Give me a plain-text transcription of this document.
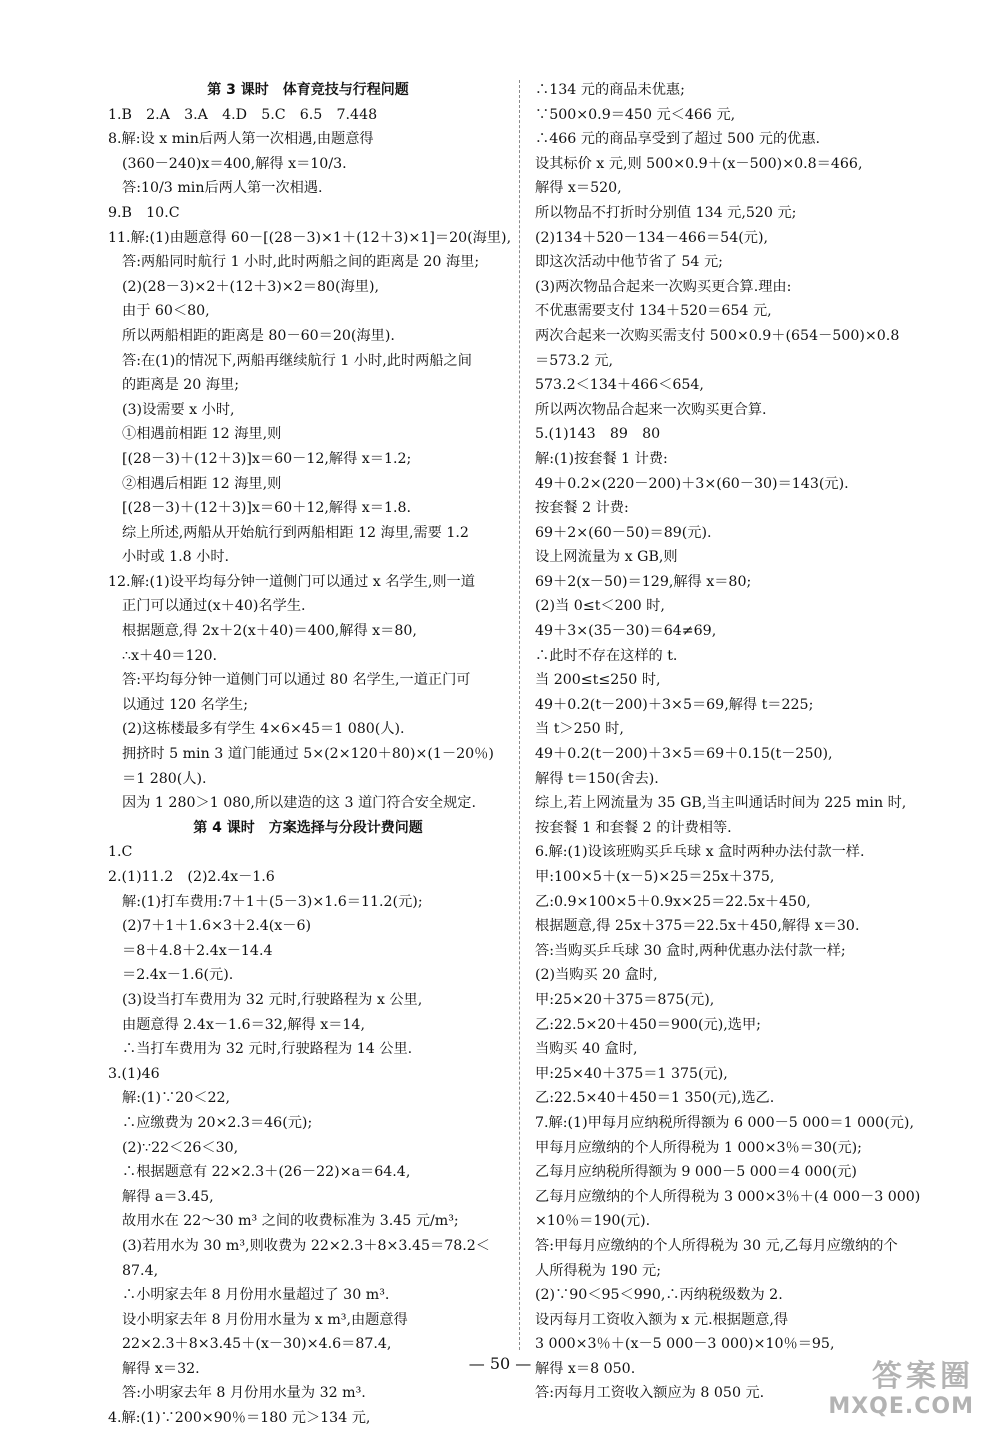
第 3 课时　体育竞技与行程问题
1.B　2.A　3.A　4.D　5.C　6.5　7.448
8.解:设 x min后两人第一次相遇,由题意得
(360－240)x＝400,解得 x＝10/3.
答:10/3 min后两人第一次相遇.
9.B　10.C
11.解:(1)由题意得 60－[(28－3)×1＋(12＋3)×1]＝20(海里),
答:两船同时航行 1 小时,此时两船之间的距离是 20 海里;
(2)(28－3)×2＋(12＋3)×2＝80(海里),
由于 60＜80,
所以两船相距的距离是 80－60＝20(海里).
答:在(1)的情况下,两船再继续航行 1 小时,此时两船之间
的距离是 20 海里;
(3)设需要 x 小时,
①相遇前相距 12 海里,则
[(28－3)＋(12＋3)]x＝60－12,解得 x＝1.2;
②相遇后相距 12 海里,则
[(28－3)＋(12＋3)]x＝60＋12,解得 x＝1.8.
综上所述,两船从开始航行到两船相距 12 海里,需要 1.2
小时或 1.8 小时.
12.解:(1)设平均每分钟一道侧门可以通过 x 名学生,则一道
正门可以通过(x＋40)名学生.
根据题意,得 2x＋2(x＋40)＝400,解得 x＝80,
∴x＋40＝120.
答:平均每分钟一道侧门可以通过 80 名学生,一道正门可
以通过 120 名学生;
(2)这栋楼最多有学生 4×6×45＝1 080(人).
拥挤时 5 min 3 道门能通过 5×(2×120＋80)×(1－20％)
＝1 280(人).
因为 1 280＞1 080,所以建造的这 3 道门符合安全规定.
第 4 课时　方案选择与分段计费问题
1.C
2.(1)11.2　(2)2.4x－1.6
解:(1)打车费用:7＋1＋(5－3)×1.6＝11.2(元);
(2)7＋1＋1.6×3＋2.4(x－6)
＝8＋4.8＋2.4x－14.4
＝2.4x－1.6(元).
(3)设当打车费用为 32 元时,行驶路程为 x 公里,
由题意得 2.4x－1.6＝32,解得 x＝14,
∴当打车费用为 32 元时,行驶路程为 14 公里.
3.(1)46
解:(1)∵20＜22,
∴应缴费为 20×2.3＝46(元);
(2)∵22＜26＜30,
∴根据题意有 22×2.3＋(26－22)×a＝64.4,
解得 a＝3.45,
故用水在 22～30 m³ 之间的收费标准为 3.45 元/m³;
(3)若用水为 30 m³,则收费为 22×2.3＋8×3.45＝78.2＜
87.4,
∴小明家去年 8 月份用水量超过了 30 m³.
设小明家去年 8 月份用水量为 x m³,由题意得
22×2.3＋8×3.45＋(x－30)×4.6＝87.4,
解得 x＝32.
答:小明家去年 8 月份用水量为 32 m³.
4.解:(1)∵200×90％＝180 元＞134 元,
∴134 元的商品未优惠;
∵500×0.9＝450 元＜466 元,
∴466 元的商品享受到了超过 500 元的优惠.
设其标价 x 元,则 500×0.9＋(x－500)×0.8＝466,
解得 x＝520,
所以物品不打折时分别值 134 元,520 元;
(2)134＋520－134－466＝54(元),
即这次活动中他节省了 54 元;
(3)两次物品合起来一次购买更合算.理由:
不优惠需要支付 134＋520＝654 元,
两次合起来一次购买需支付 500×0.9＋(654－500)×0.8
＝573.2 元,
573.2＜134＋466＜654,
所以两次物品合起来一次购买更合算.
5.(1)143　89　80
解:(1)按套餐 1 计费:
49＋0.2×(220－200)＋3×(60－30)＝143(元).
按套餐 2 计费:
69＋2×(60－50)＝89(元).
设上网流量为 x GB,则
69＋2(x－50)＝129,解得 x＝80;
(2)当 0≤t＜200 时,
49＋3×(35－30)＝64≠69,
∴此时不存在这样的 t.
当 200≤t≤250 时,
49＋0.2(t－200)＋3×5＝69,解得 t＝225;
当 t＞250 时,
49＋0.2(t－200)＋3×5＝69＋0.15(t－250),
解得 t＝150(舍去).
综上,若上网流量为 35 GB,当主叫通话时间为 225 min 时,
按套餐 1 和套餐 2 的计费相等.
6.解:(1)设该班购买乒乓球 x 盒时两种办法付款一样.
甲:100×5＋(x－5)×25＝25x＋375,
乙:0.9×100×5＋0.9x×25＝22.5x＋450,
根据题意,得 25x＋375＝22.5x＋450,解得 x＝30.
答:当购买乒乓球 30 盒时,两种优惠办法付款一样;
(2)当购买 20 盒时,
甲:25×20＋375＝875(元),
乙:22.5×20＋450＝900(元),选甲;
当购买 40 盒时,
甲:25×40＋375＝1 375(元),
乙:22.5×40＋450＝1 350(元),选乙.
7.解:(1)甲每月应纳税所得额为 6 000－5 000＝1 000(元),
甲每月应缴纳的个人所得税为 1 000×3％＝30(元);
乙每月应纳税所得额为 9 000－5 000＝4 000(元)
乙每月应缴纳的个人所得税为 3 000×3％＋(4 000－3 000)
×10％＝190(元).
答:甲每月应缴纳的个人所得税为 30 元,乙每月应缴纳的个
人所得税为 190 元;
(2)∵90＜95＜990,∴丙纳税级数为 2.
设丙每月工资收入额为 x 元.根据题意,得
3 000×3％＋(x－5 000－3 000)×10％＝95,
解得 x＝8 050.
答:丙每月工资收入额应为 8 050 元.
— 50 —	答案圈
MXQE.COM
